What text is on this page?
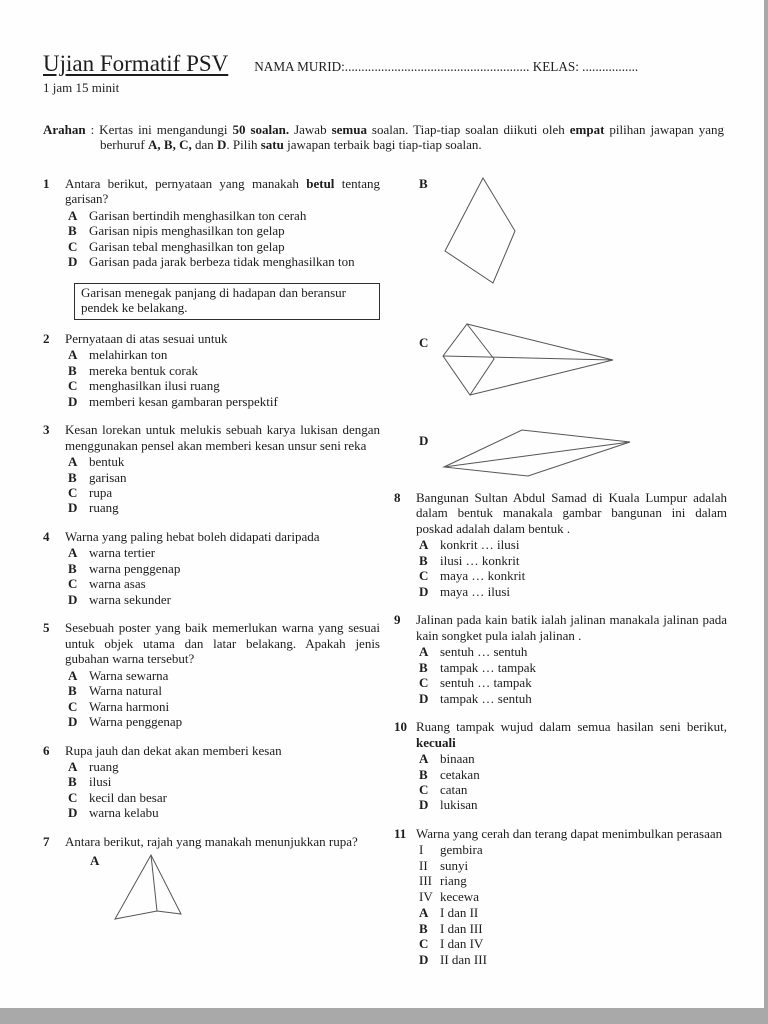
Ujian Formatif PSV NAMA MURID:........................................................ KELAS: .................
1 jam 15 minit
Arahan : Kertas ini mengandungi 50 soalan. Jawab semua soalan. Tiap-tiap soalan diikuti oleh empat pilihan jawapan yang berhuruf A, B, C, dan D. Pilih satu jawapan terbaik bagi tiap-tiap soalan.
1	Antara berikut, pernyataan yang manakah betul tentang garisan?
A Garisan bertindih menghasilkan ton cerah
B Garisan nipis menghasilkan ton gelap
C Garisan tebal menghasilkan ton gelap
D Garisan pada jarak berbeza tidak menghasilkan ton
Garisan menegak panjang di hadapan dan beransur pendek ke belakang.
2	Pernyataan di atas sesuai untuk
A melahirkan ton
B mereka bentuk corak
C menghasilkan ilusi ruang
D memberi kesan gambaran perspektif
3	Kesan lorekan untuk melukis sebuah karya lukisan dengan menggunakan pensel akan memberi kesan unsur seni reka
A bentuk
B garisan
C rupa
D ruang
4	Warna yang paling hebat boleh didapati daripada
A warna tertier
B warna penggenap
C warna asas
D warna sekunder
5	Sesebuah poster yang baik memerlukan warna yang sesuai untuk objek utama dan latar belakang. Apakah jenis gubahan warna tersebut?
A Warna sewarna
B Warna natural
C Warna harmoni
D Warna penggenap
6	Rupa jauh dan dekat akan memberi kesan
A ruang
B ilusi
C kecil dan besar
D warna kelabu
7	Antara berikut, rajah yang manakah menunjukkan rupa?
A
B
C
D
8	Bangunan Sultan Abdul Samad di Kuala Lumpur adalah dalam bentuk manakala gambar bangunan ini dalam poskad adalah dalam bentuk .
A konkrit … ilusi
B ilusi … konkrit
C maya … konkrit
D maya … ilusi
9	Jalinan pada kain batik ialah jalinan manakala jalinan pada kain songket pula ialah jalinan .
A sentuh … sentuh
B tampak … tampak
C sentuh … tampak
D tampak … sentuh
10 Ruang tampak wujud dalam semua hasilan seni berikut, kecuali
A binaan
B cetakan
C catan
D lukisan
11 Warna yang cerah dan terang dapat menimbulkan perasaan
I	gembira
II sunyi
III riang
IV kecewa
A I dan II
B I dan III
C I dan IV
D II dan III
